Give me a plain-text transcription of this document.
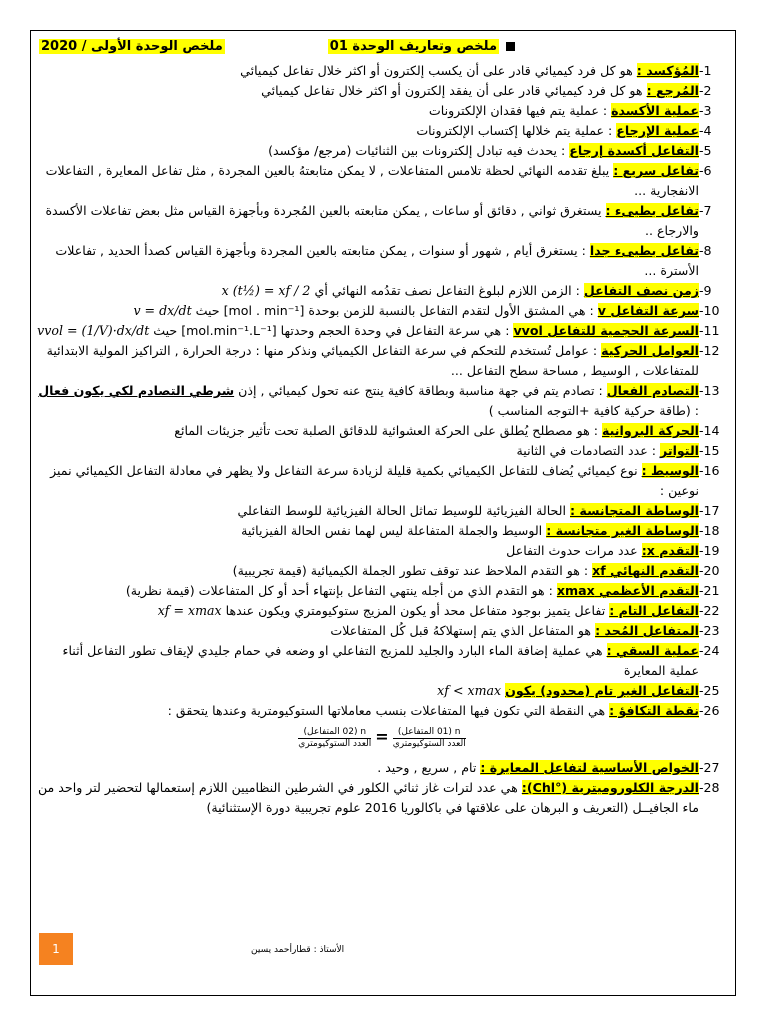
ملخص وتعاريف الوحدة 01
ملخص الوحدة الأولى / 2020

-1
المُؤكسد : هو كل فرد كيميائي قادر على أن يكسب إلكترون أو اكثر خلال تفاعل كيميائي

-2
المُرجع : هو كل فرد كيميائي قادر على أن يفقد إلكترون أو اكثر خلال تفاعل كيميائي

-3
عملية الأكسدة : عملية يتم فيها فقدان الإلكترونات

-4
عملية الإرجاع : عملية يتم خلالها إكتساب الإلكترونات

-5
التفاعل أكسدة إرجاع : يحدث فيه تبادل إلكترونات بين الثنائيات (مرجع/ مؤكسد)

-6
تفاعل سريع : يبلغ تقدمه النهائي لحظة تلامس المتفاعلات , لا يمكن متابعتهُ بالعين المجردة , مثل تفاعل المعايرة , التفاعلات الانفجارية ...

-7
تفاعل بطيىء : يستغرق ثواني , دقائق أو ساعات , يمكن متابعته بالعين المُجردة وبأجهزة القياس مثل بعض تفاعلات الأكسدة والارجاع ..

-8
تفاعل بطيىء جدا : يستغرق أيام , شهور أو سنوات , يمكن متابعته بالعين المجردة وبأجهزة القياس كصدأ الحديد , تفاعلات الأسترة ...

-9
زمن نصف التفاعل : الزمن اللازم لبلوغ التفاعل نصف تقدُمه النهائي أي x (t½) = xf / 2

-10
سرعة التفاعل v : هي المشتق الأول لتقدم التفاعل بالنسبة للزمن بوحدة [mol . min⁻¹] حيث v = dx/dt

-11
السرعة الحجمية للتفاعل vvol : هي سرعة التفاعل في وحدة الحجم وحدتها [mol.min⁻¹.L⁻¹] حيث vvol = (1/V)·dx/dt

-12
العوامل الحركية : عوامل تُستخدم للتحكم في سرعة التفاعل الكيميائي ونذكر منها : درجة الحرارة , التراكيز المولية الابتدائية للمتفاعلات , الوسيط , مساحة سطح التفاعل ...

-13
التصادم الفعال : تصادم يتم في جهة مناسبة وبطاقة كافية ينتج عنه تحول كيميائي , إذن شرطي التصادم لكي يكون فعال : (طاقة حركية كافية +التوجه المناسب )

-14
الحركة البروانية : هو مصطلح يُطلق على الحركة العشوائية للدقائق الصلبة تحت تأثير جزيئات المائع

-15
التواتر : عدد التصادمات في الثانية

-16
الوسيط : نوع كيميائي يُضاف للتفاعل الكيميائي بكمية قليلة لزيادة سرعة التفاعل ولا يظهر في معادلة التفاعل الكيميائي نميز نوعين :

-17
الوساطة المتجانسة : الحالة الفيزيائية للوسيط تماثل الحالة الفيزيائية للوسط التفاعلي

-18
الوساطة الغير متجانسة : الوسيط والجملة المتفاعلة ليس لهما نفس الحالة الفيزيائية

-19
التقدم x: عدد مرات حدوث التفاعل

-20
التقدم النهائي xf : هو التقدم الملاحظ عند توقف تطور الجملة الكيميائية (قيمة تجريبية)

-21
التقدم الأعظمي xmax : هو التقدم الذي من أجله ينتهي التفاعل بإنتهاء أحد أو كل المتفاعلات (قيمة نظرية)

-22
التفاعل التام : تفاعل يتميز بوجود متفاعل محد أو يكون المزيج ستوكيومتري ويكون عندها xf = xmax

-23
المتفاعل المُحد : هو المتفاعل الذي يتم إستهلاكهُ قبل كُل المتفاعلات

-24
عملية السقي : هي عملية إضافة الماء البارد والجليد للمزيج التفاعلي او وضعه في حمام جليدي لإيقاف تطور التفاعل أثناء عملية المعايرة

-25
التفاعل الغير تام (محدود) يكون xf < xmax

-26
نقطة التكافؤ : هي النقطة التي تكون فيها المتفاعلات بنسب معاملاتها الستوكيومترية وعندها يتحقق :

$\frac{\text{n (01 المتفاعل)}}{\text{العدد الستوكيومتري}}$
=
$\frac{\text{n (02 المتفاعل)}}{\text{العدد الستوكيومتري}}$

-27
الخواص الأساسية لتفاعل المعايرة : تام , سريع , وحيد .

-28
الدرجة الكلوروميترية (°Chl): هي عدد لترات غاز ثنائي الكلور في الشرطين النظاميين اللازم إستعمالها لتحضير لتر واحد من ماء الجافيــل (التعريف و البرهان على علاقتها في باكالوريا 2016 علوم تجريبية دورة الإستثنائية)

1	الأستاذ : قطارأحمد يسين
